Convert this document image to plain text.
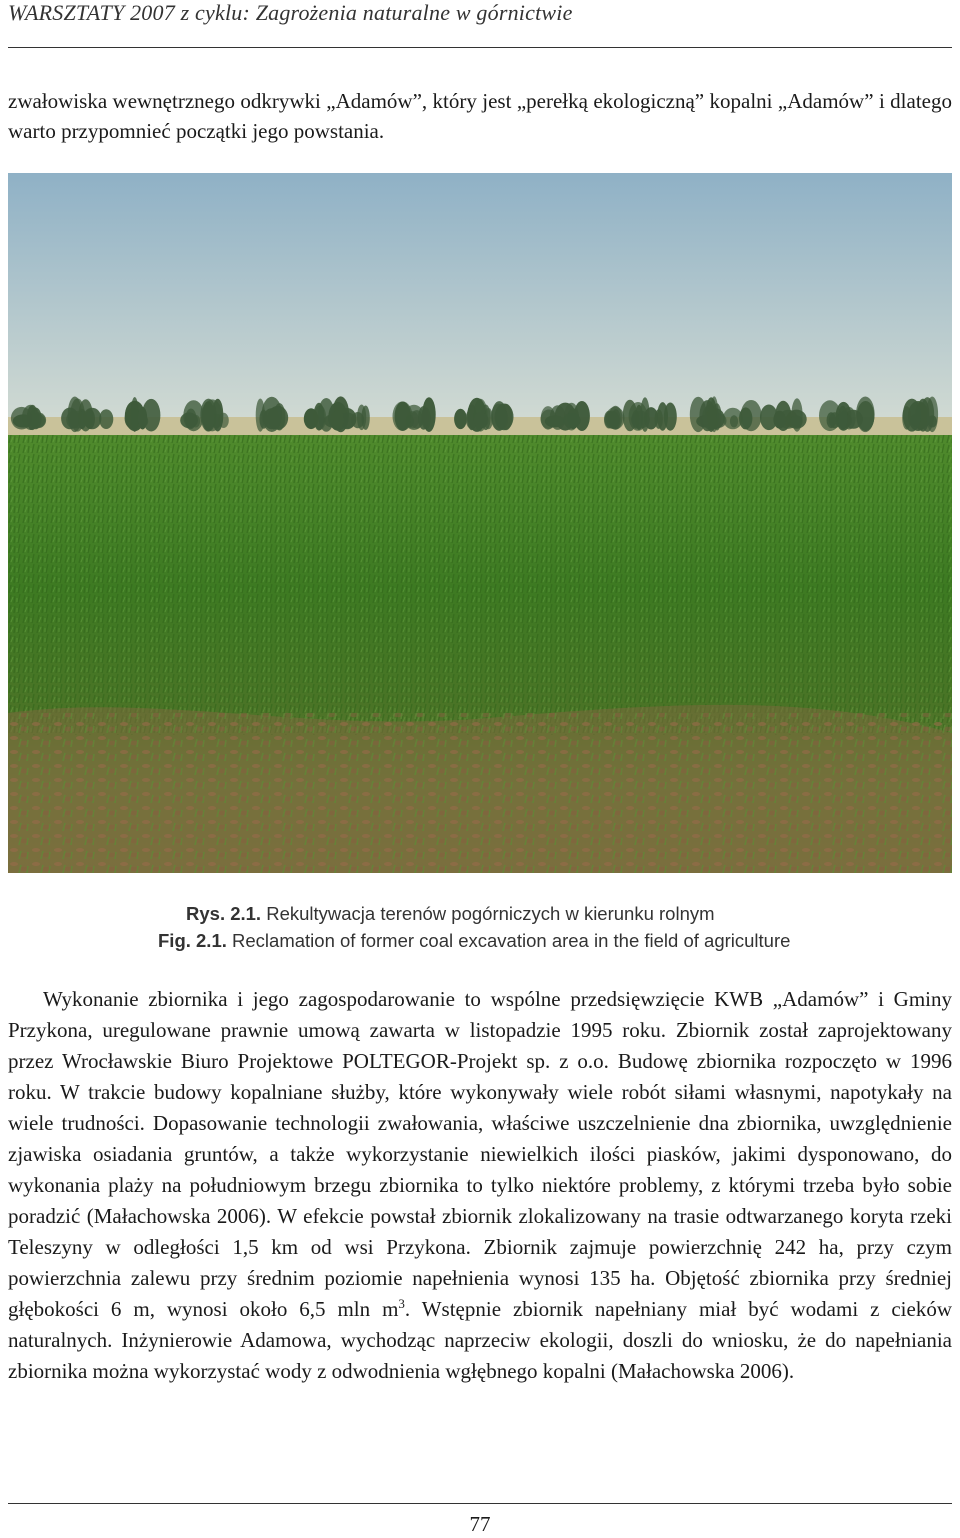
WARSZTATY 2007 z cyklu: Zagrożenia naturalne w górnictwie

zwałowiska wewnętrznego odkrywki „Adamów”, który jest „perełką ekologiczną” kopalni „Adamów” i dlatego warto przypomnieć początki jego powstania.

Rys. 2.1. Rekultywacja terenów pogórniczych w kierunku rolnym
Fig. 2.1. Reclamation of former coal excavation area in the field of agriculture

Wykonanie zbiornika i jego zagospodarowanie to wspólne przedsięwzięcie KWB „Adamów” i Gminy Przykona, uregulowane prawnie umową zawarta w listopadzie 1995 roku. Zbiornik został zaprojektowany przez Wrocławskie Biuro Projektowe POLTEGOR-Projekt sp. z o.o. Budowę zbiornika rozpoczęto w 1996 roku. W trakcie budowy kopalniane służby, które wykonywały wiele robót siłami własnymi, napotykały na wiele trudności. Dopasowanie technologii zwałowania, właściwe uszczelnienie dna zbiornika, uwzględnienie zjawiska osiadania gruntów, a także wykorzystanie niewielkich ilości piasków, jakimi dysponowano, do wykonania plaży na południowym brzegu zbiornika to tylko niektóre problemy, z którymi trzeba było sobie poradzić (Małachowska 2006). W efekcie powstał zbiornik zlokalizowany na trasie odtwarzanego koryta rzeki Teleszyny w odległości 1,5 km od wsi Przykona. Zbiornik zajmuje powierzchnię 242 ha, przy czym powierzchnia zalewu przy średnim poziomie napełnienia wynosi 135 ha. Objętość zbiornika przy średniej głębokości 6 m, wynosi około 6,5 mln $m^3$. Wstępnie zbiornik napełniany miał być wodami z cieków naturalnych. Inżynierowie Adamowa, wychodząc naprzeciw ekologii, doszli do wniosku, że do napełniania zbiornika można wykorzystać wody z odwodnienia wgłębnego kopalni (Małachowska 2006).

77
